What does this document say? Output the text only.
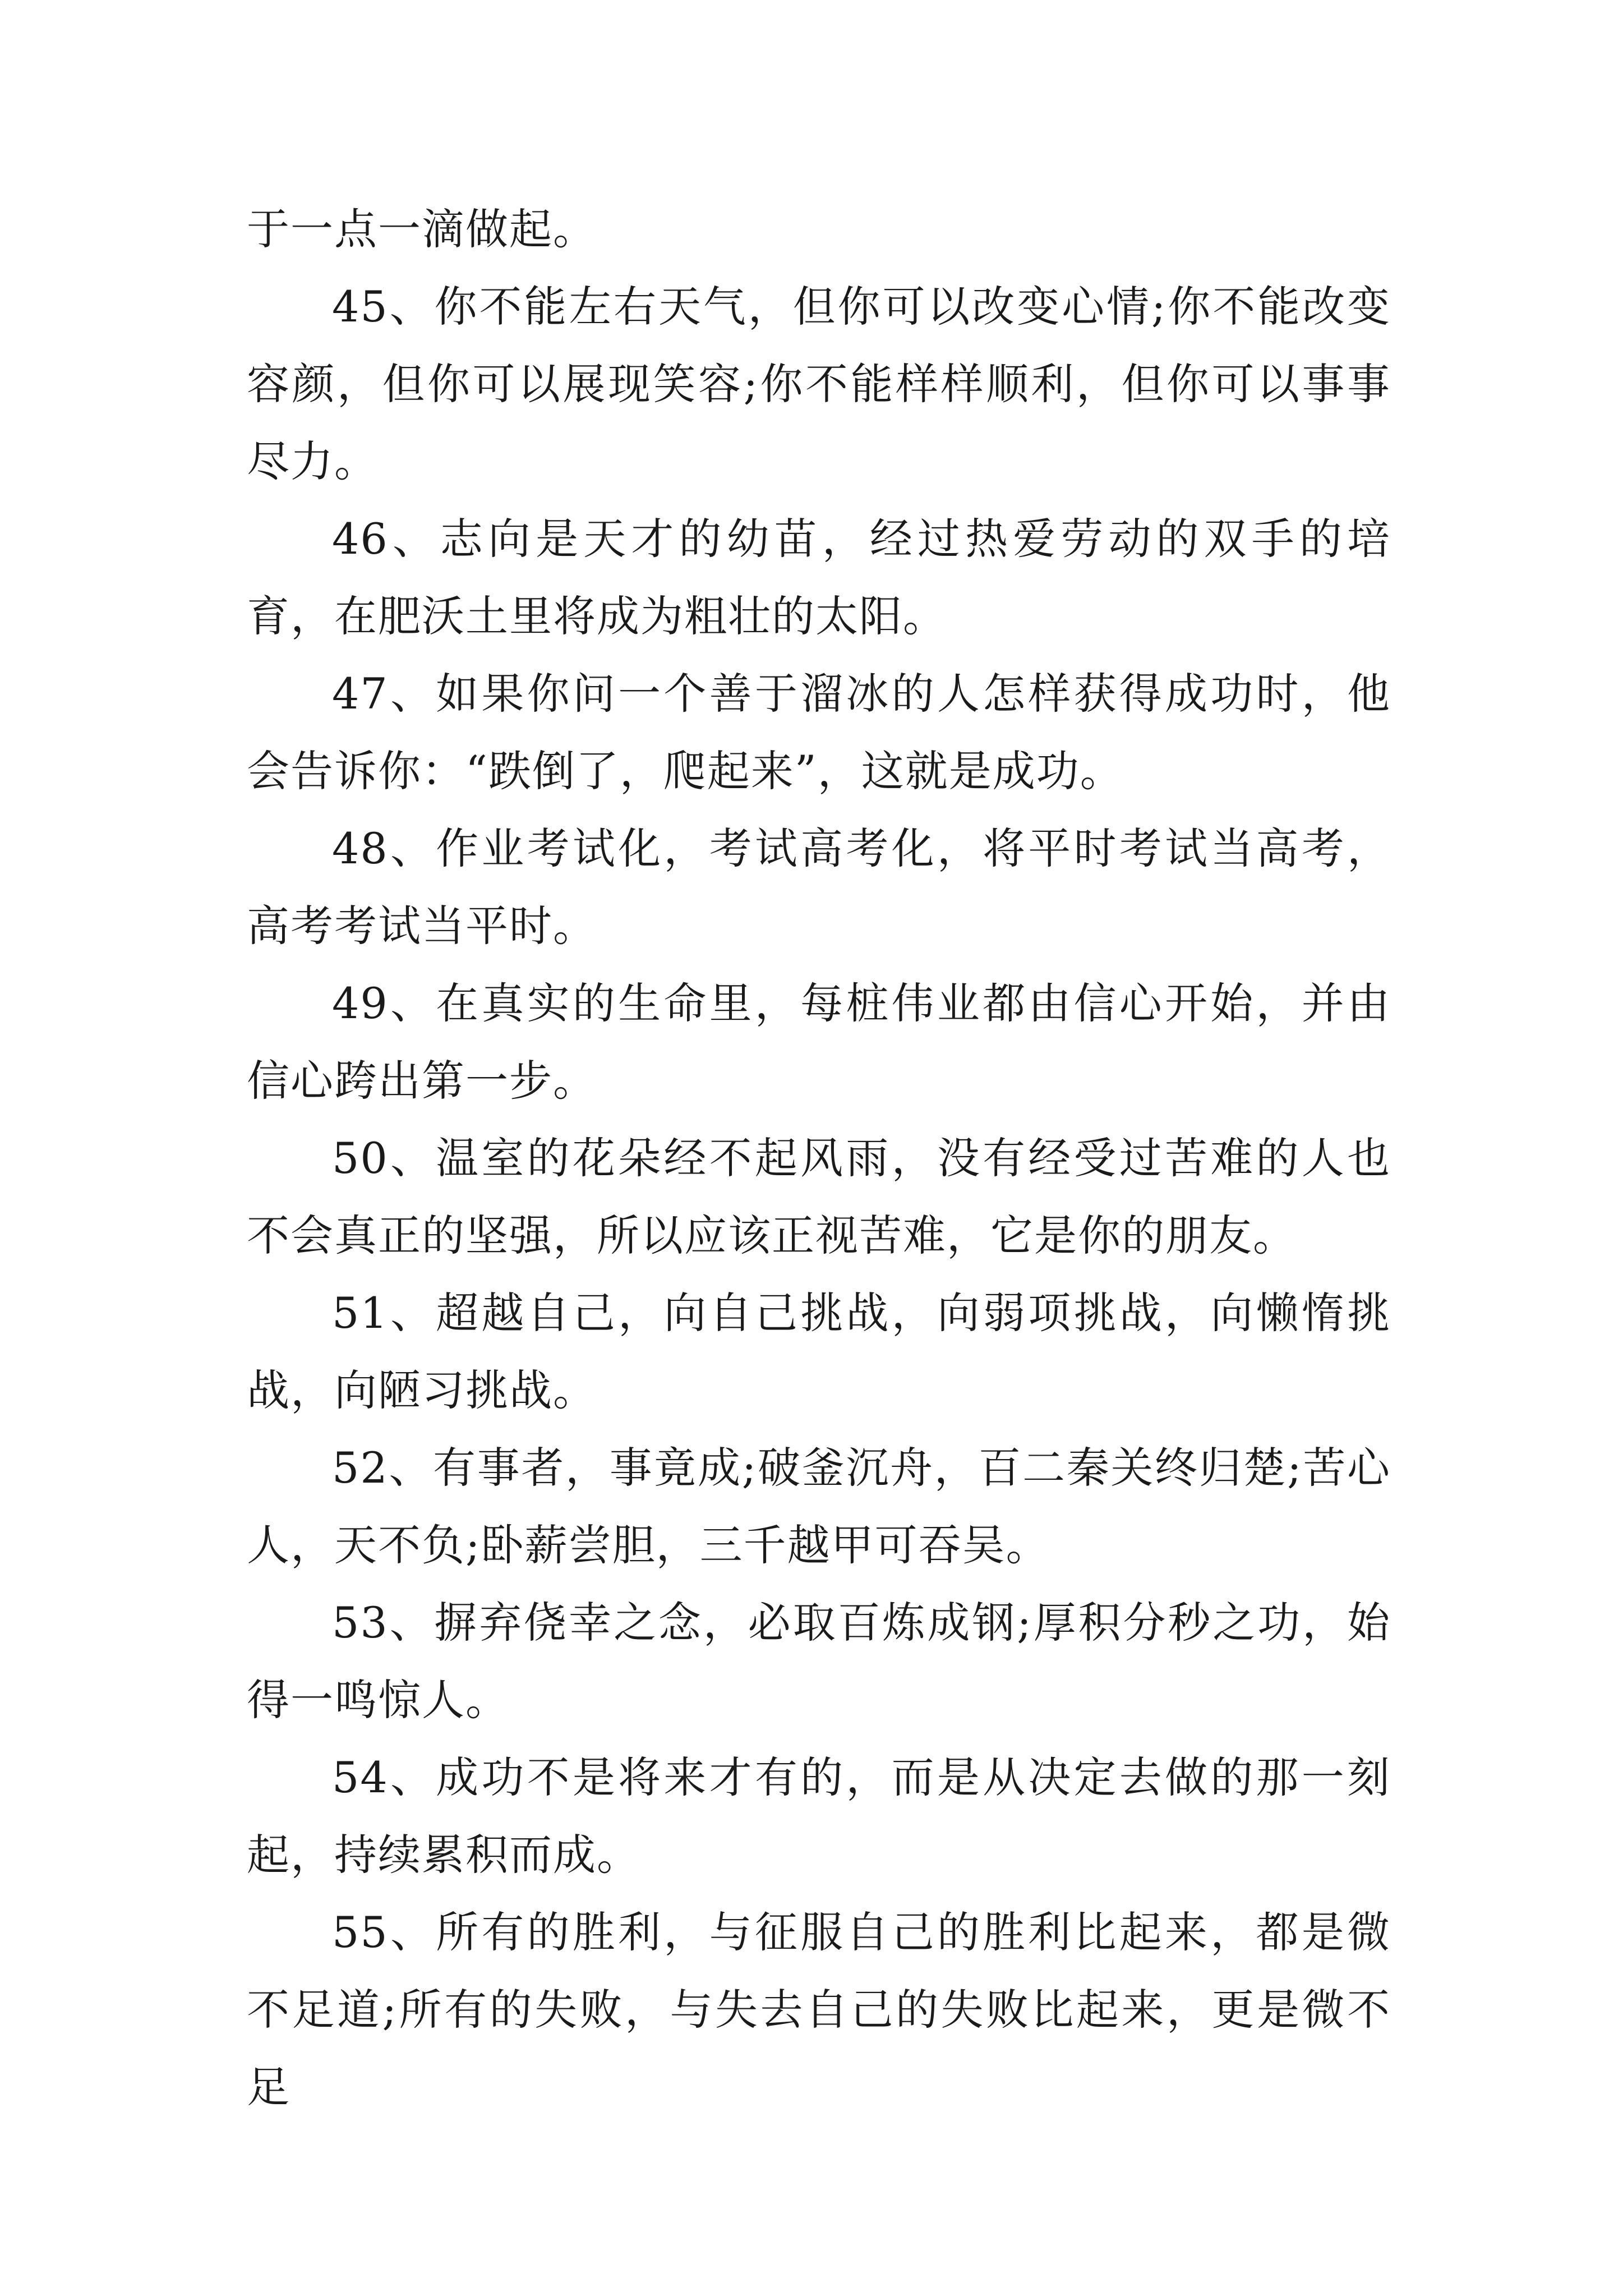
于一点一滴做起。

45、你不能左右天气，但你可以改变心情;你不能改变容颜，但你可以展现笑容;你不能样样顺利，但你可以事事尽力。

46、志向是天才的幼苗，经过热爱劳动的双手的培育，在肥沃土里将成为粗壮的太阳。

47、如果你问一个善于溜冰的人怎样获得成功时，他会告诉你：“跌倒了，爬起来”，这就是成功。

48、作业考试化，考试高考化，将平时考试当高考，高考考试当平时。

49、在真实的生命里，每桩伟业都由信心开始，并由信心跨出第一步。

50、温室的花朵经不起风雨，没有经受过苦难的人也不会真正的坚强，所以应该正视苦难，它是你的朋友。

51、超越自己，向自己挑战，向弱项挑战，向懒惰挑战，向陋习挑战。

52、有事者，事竟成;破釜沉舟，百二秦关终归楚;苦心人，天不负;卧薪尝胆，三千越甲可吞吴。

53、摒弃侥幸之念，必取百炼成钢;厚积分秒之功，始得一鸣惊人。

54、成功不是将来才有的，而是从决定去做的那一刻起，持续累积而成。

55、所有的胜利，与征服自己的胜利比起来，都是微不足道;所有的失败，与失去自己的失败比起来，更是微不足
